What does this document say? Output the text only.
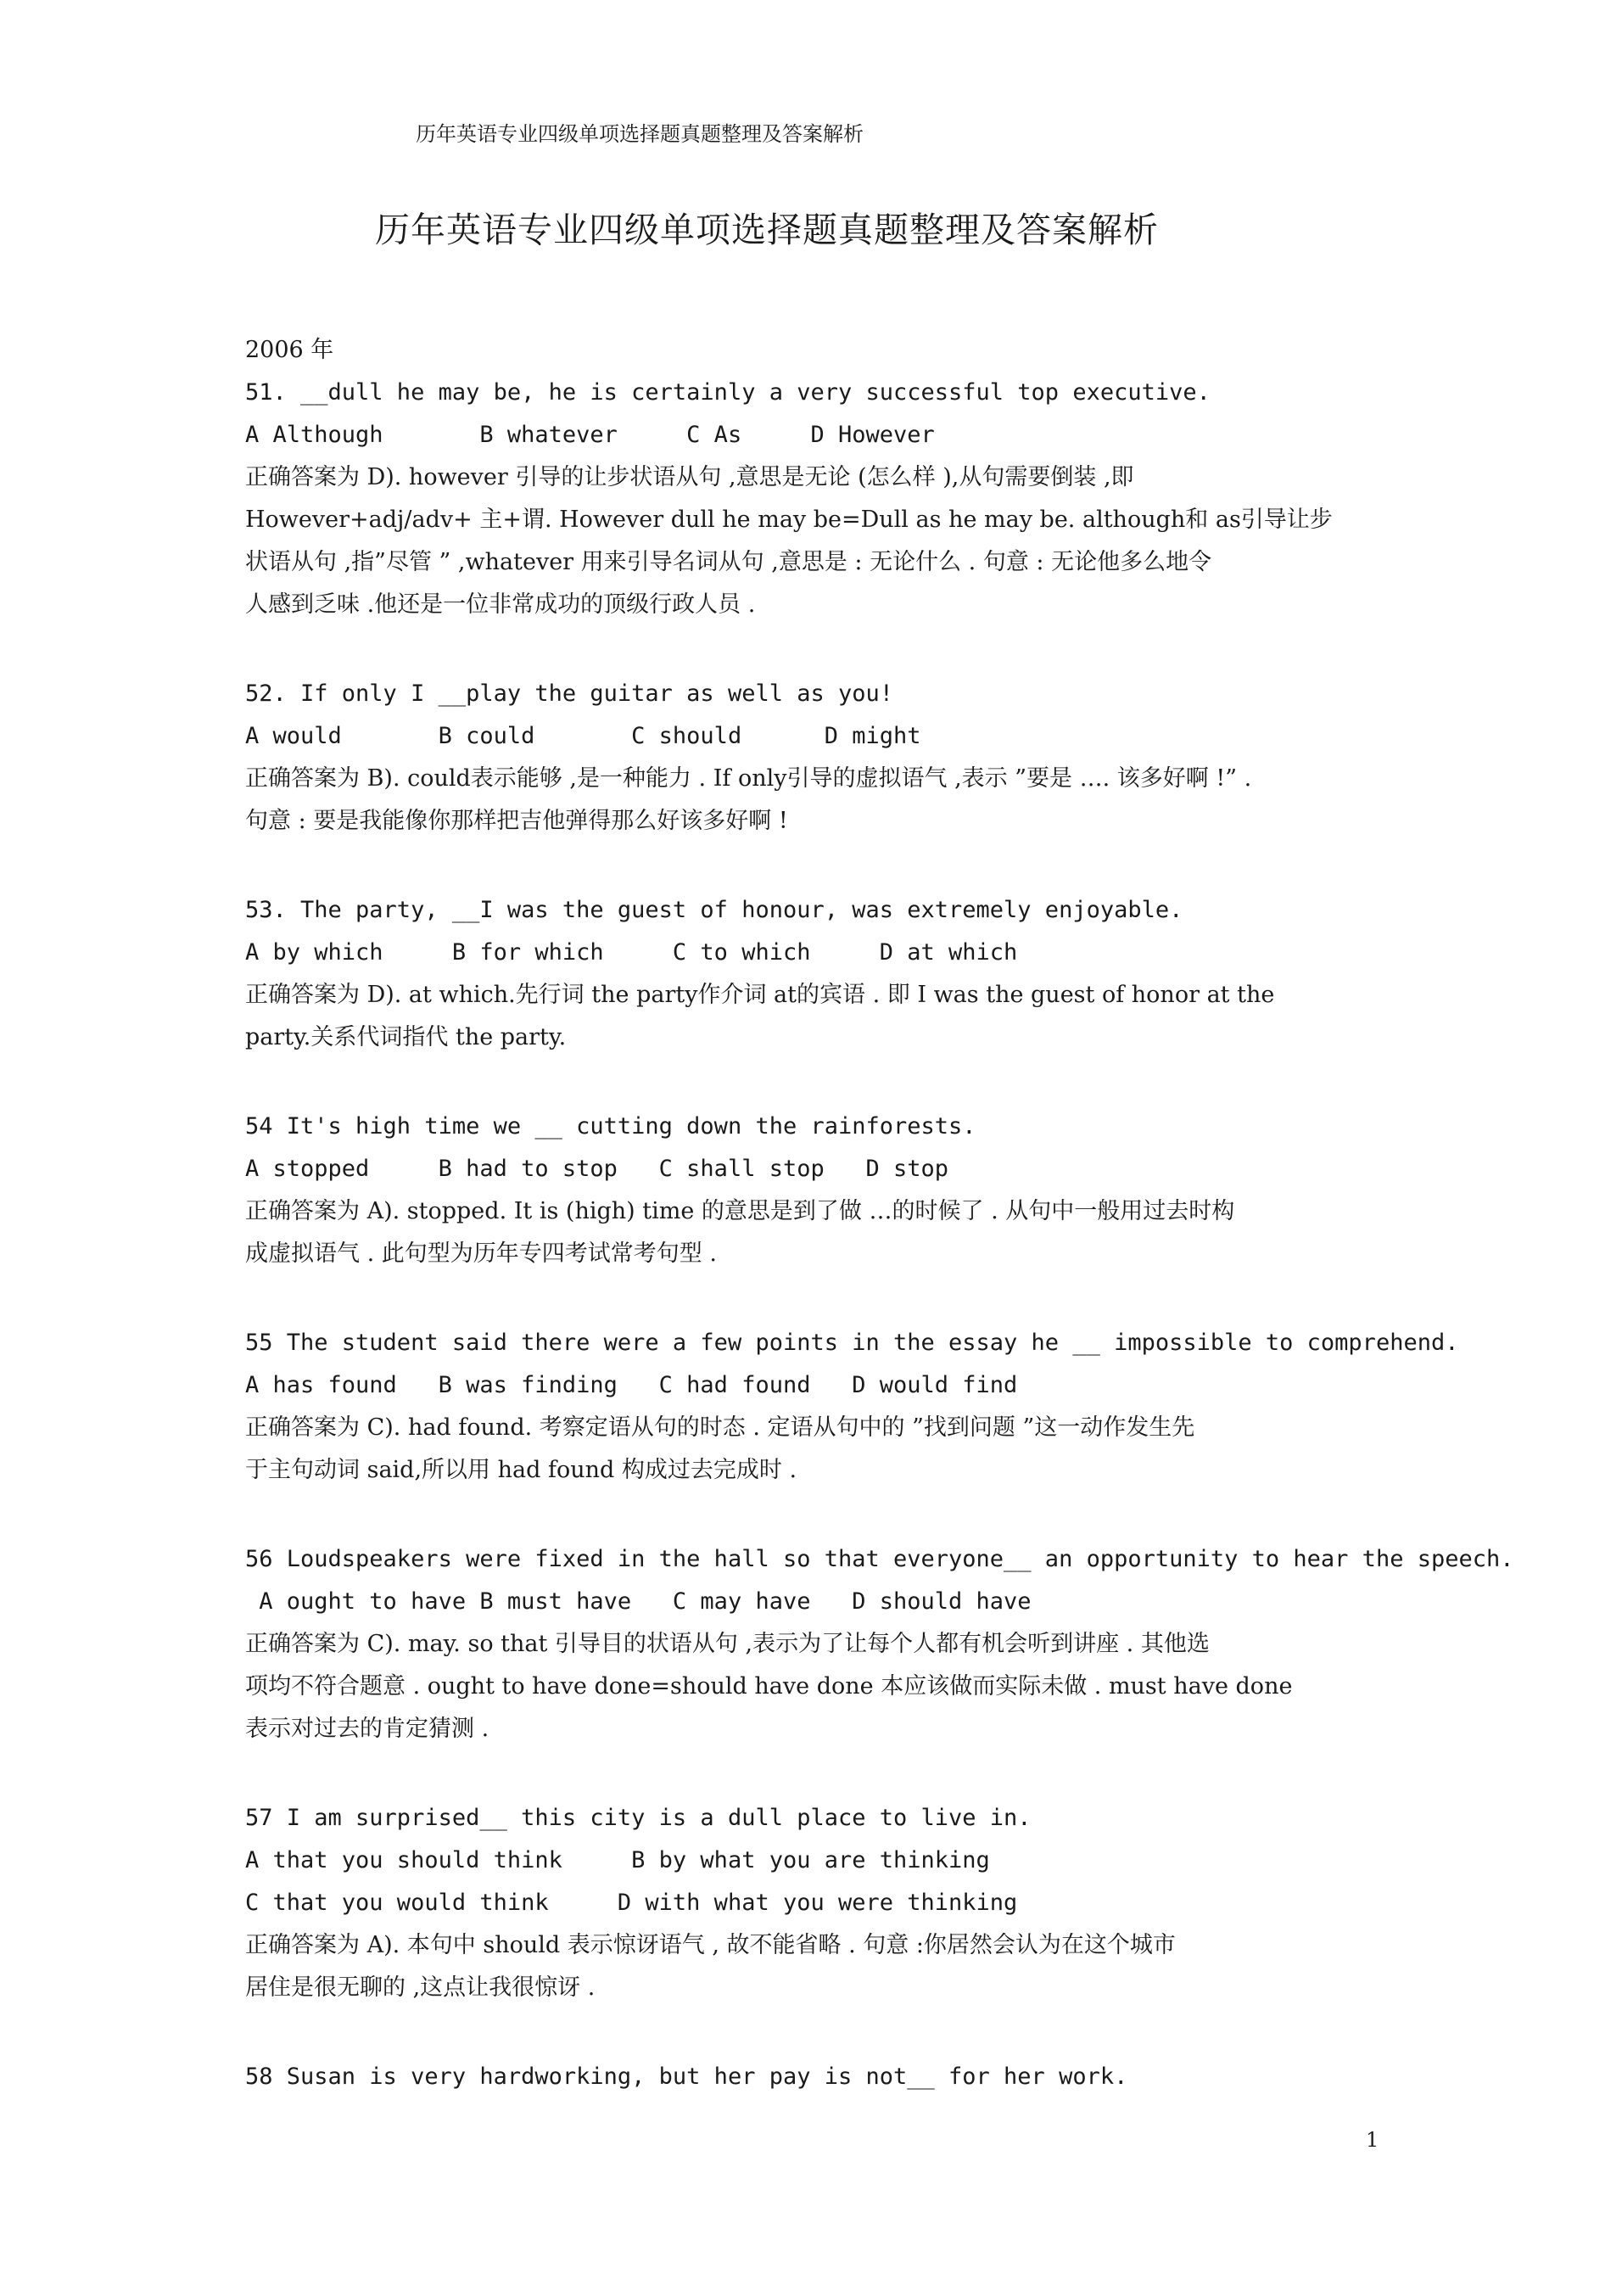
历年英语专业四级单项选择题真题整理及答案解析
历年英语专业四级单项选择题真题整理及答案解析
2006 年
51. __dull he may be, he is certainly a very successful top executive.
A Although       B whatever     C As     D However
正确答案为 D). however 引导的让步状语从句 ,意思是无论 (怎么样 ),从句需要倒装 ,即
However+adj/adv+ 主+谓. However dull he may be=Dull as he may be. although和 as引导让步
状语从句 ,指”尽管 ” ,whatever 用来引导名词从句 ,意思是 : 无论什么 . 句意 : 无论他多么地令
人感到乏味 .他还是一位非常成功的顶级行政人员 .
52. If only I __play the guitar as well as you!
A would       B could       C should      D might
正确答案为 B). could表示能够 ,是一种能力 . If only引导的虚拟语气 ,表示 ”要是 …. 该多好啊 !” .
句意 : 要是我能像你那样把吉他弹得那么好该多好啊 !
53. The party, __I was the guest of honour, was extremely enjoyable.
A by which     B for which     C to which     D at which
正确答案为 D). at which.先行词 the party作介词 at的宾语 . 即 I was the guest of honor at the
party.关系代词指代 the party.
54 It's high time we __ cutting down the rainforests.
A stopped     B had to stop   C shall stop   D stop
正确答案为 A). stopped. It is (high) time 的意思是到了做 …的时候了 . 从句中一般用过去时构
成虚拟语气 . 此句型为历年专四考试常考句型 .
55 The student said there were a few points in the essay he __ impossible to comprehend.
A has found   B was finding   C had found   D would find
正确答案为 C). had found. 考察定语从句的时态 . 定语从句中的 ”找到问题 ”这一动作发生先
于主句动词 said,所以用 had found 构成过去完成时 .
56 Loudspeakers were fixed in the hall so that everyone__ an opportunity to hear the speech.
A ought to have B must have   C may have   D should have
正确答案为 C). may. so that 引导目的状语从句 ,表示为了让每个人都有机会听到讲座 . 其他选
项均不符合题意 . ought to have done=should have done 本应该做而实际未做 . must have done
表示对过去的肯定猜测 .
57 I am surprised__ this city is a dull place to live in.
A that you should think     B by what you are thinking
C that you would think     D with what you were thinking
正确答案为 A). 本句中 should 表示惊讶语气 , 故不能省略 . 句意 :你居然会认为在这个城市
居住是很无聊的 ,这点让我很惊讶 .
58 Susan is very hardworking, but her pay is not__ for her work.
1
